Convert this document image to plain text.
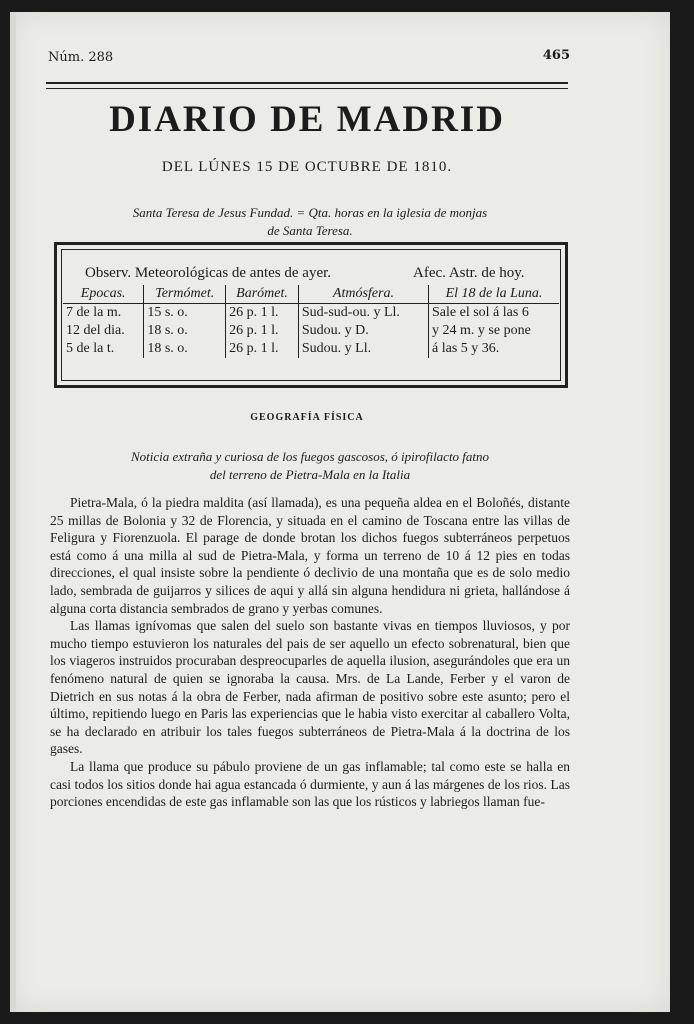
Núm. 288	465
DIARIO DE MADRID
DEL LÚNES 15 DE OCTUBRE DE 1810.
Santa Teresa de Jesus Fundad. = Qta. horas en la iglesia de monjas
de Santa Teresa.
Observ. Meteorológicas de antes de ayer.	Afec. Astr. de hoy.
Epocas.	Termómet.	Barómet.	Atmósfera.	El 18 de la Luna.
7 de la m.	15 s. o.	26 p. 1 l.	Sud-sud-ou. y Ll.	Sale el sol á las 6
12 del dia.	18 s. o.	26 p. 1 l.	Sudou. y D.	y 24 m. y se pone
5 de la t.	18 s. o.	26 p. 1 l.	Sudou. y Ll.	á las 5 y 36.
GEOGRAFÍA FÍSICA
Noticia extraña y curiosa de los fuegos gascosos, ó ipirofilacto fatno
del terreno de Pietra-Mala en la Italia

Pietra-Mala, ó la piedra maldita (así llamada), es una pequeña aldea en el Boloñés, distante 25 millas de Bolonia y 32 de Florencia, y situada en el camino de Toscana entre las villas de Feligura y Fiorenzuola. El parage de donde brotan los dichos fuegos subterráneos perpetuos está como á una milla al sud de Pietra-Mala, y forma un terreno de 10 á 12 pies en todas direcciones, el qual insiste sobre la pendiente ó declivio de una montaña que es de solo medio lado, sembrada de guijarros y silices de aqui y allá sin alguna hendidura ni grieta, hallándose á alguna corta distancia sembrados de grano y yerbas comunes.

Las llamas ignívomas que salen del suelo son bastante vivas en tiempos lluviosos, y por mucho tiempo estuvieron los naturales del pais de ser aquello un efecto sobrenatural, bien que los viageros instruidos procuraban despreocuparles de aquella ilusion, asegurándoles que era un fenómeno natural de quien se ignoraba la causa. Mrs. de La Lande, Ferber y el varon de Dietrich en sus notas á la obra de Ferber, nada afirman de positivo sobre este asunto; pero el último, repitiendo luego en Paris las experiencias que le habia visto exercitar al caballero Volta, se ha declarado en atribuir los tales fuegos subterráneos de Pietra-Mala á la doctrina de los gases.

La llama que produce su pábulo proviene de un gas inflamable; tal como este se halla en casi todos los sitios donde hai agua estancada ó durmiente, y aun á las márgenes de los rios. Las porciones encendidas de este gas inflamable son las que los rústicos y labriegos llaman fue-
